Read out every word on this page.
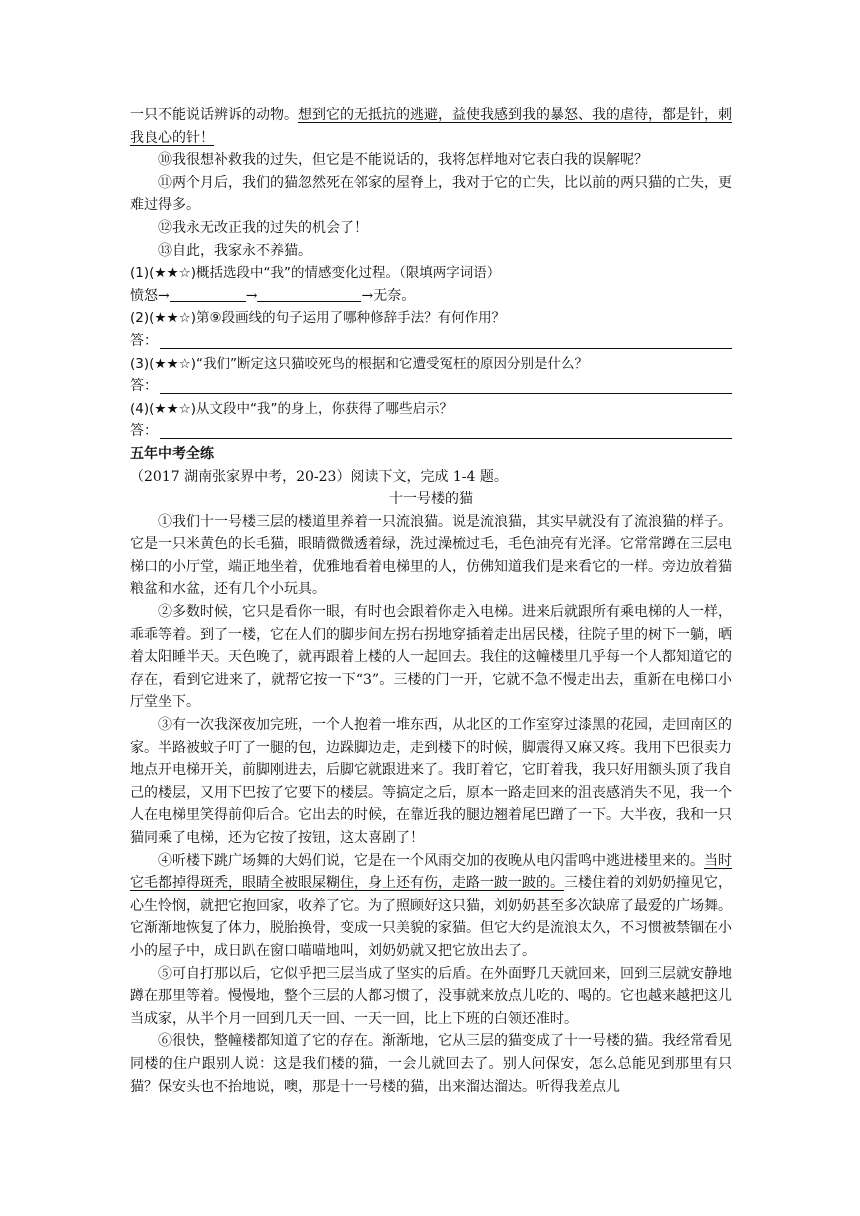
一只不能说话辨诉的动物。想到它的无抵抗的逃避，益使我感到我的暴怒、我的虐待，都是针，刺我良心的针！

⑩我很想补救我的过失，但它是不能说话的，我将怎样地对它表白我的误解呢？

⑪两个月后，我们的猫忽然死在邻家的屋脊上，我对于它的亡失，比以前的两只猫的亡失，更难过得多。

⑫我永无改正我的过失的机会了！

⑬自此，我家永不养猫。

(1)(★★☆)概括选段中“我”的情感变化过程。（限填两字词语）

愤怒→	→	→无奈。

(2)(★★☆)第⑨段画线的句子运用了哪种修辞手法？有何作用？

答：

(3)(★★☆)“我们”断定这只猫咬死鸟的根据和它遭受冤枉的原因分别是什么？

答：

(4)(★★☆)从文段中“我”的身上，你获得了哪些启示？

答：

五年中考全练

（2017 湖南张家界中考，20-23）阅读下文，完成 1-4 题。

十一号楼的猫

①我们十一号楼三层的楼道里养着一只流浪猫。说是流浪猫，其实早就没有了流浪猫的样子。它是一只米黄色的长毛猫，眼睛微微透着绿，洗过澡梳过毛，毛色油亮有光泽。它常常蹲在三层电梯口的小厅堂，端正地坐着，优雅地看着电梯里的人，仿佛知道我们是来看它的一样。旁边放着猫粮盆和水盆，还有几个小玩具。

②多数时候，它只是看你一眼，有时也会跟着你走入电梯。进来后就跟所有乘电梯的人一样，乖乖等着。到了一楼，它在人们的脚步间左拐右拐地穿插着走出居民楼，往院子里的树下一躺，晒着太阳睡半天。天色晚了，就再跟着上楼的人一起回去。我住的这幢楼里几乎每一个人都知道它的存在，看到它进来了，就帮它按一下“3”。三楼的门一开，它就不急不慢走出去，重新在电梯口小厅堂坐下。

③有一次我深夜加完班，一个人抱着一堆东西，从北区的工作室穿过漆黑的花园，走回南区的家。半路被蚊子叮了一腿的包，边跺脚边走，走到楼下的时候，脚震得又麻又疼。我用下巴很卖力地点开电梯开关，前脚刚进去，后脚它就跟进来了。我盯着它，它盯着我，我只好用额头顶了我自己的楼层，又用下巴按了它要下的楼层。等搞定之后，原本一路走回来的沮丧感消失不见，我一个人在电梯里笑得前仰后合。它出去的时候，在靠近我的腿边翘着尾巴蹭了一下。大半夜，我和一只猫同乘了电梯，还为它按了按钮，这太喜剧了！

④听楼下跳广场舞的大妈们说，它是在一个风雨交加的夜晚从电闪雷鸣中逃进楼里来的。当时它毛都掉得斑秃，眼睛全被眼屎糊住，身上还有伤，走路一跛一跛的。三楼住着的刘奶奶撞见它，心生怜悯，就把它抱回家，收养了它。为了照顾好这只猫，刘奶奶甚至多次缺席了最爱的广场舞。它渐渐地恢复了体力，脱胎换骨，变成一只美貌的家猫。但它大约是流浪太久，不习惯被禁锢在小小的屋子中，成日趴在窗口喵喵地叫，刘奶奶就又把它放出去了。

⑤可自打那以后，它似乎把三层当成了坚实的后盾。在外面野几天就回来，回到三层就安静地蹲在那里等着。慢慢地，整个三层的人都习惯了，没事就来放点儿吃的、喝的。它也越来越把这儿当成家，从半个月一回到几天一回、一天一回，比上下班的白领还准时。

⑥很快，整幢楼都知道了它的存在。渐渐地，它从三层的猫变成了十一号楼的猫。我经常看见同楼的住户跟别人说：这是我们楼的猫，一会儿就回去了。别人问保安，怎么总能见到那里有只猫？保安头也不抬地说，噢，那是十一号楼的猫，出来溜达溜达。听得我差点儿
